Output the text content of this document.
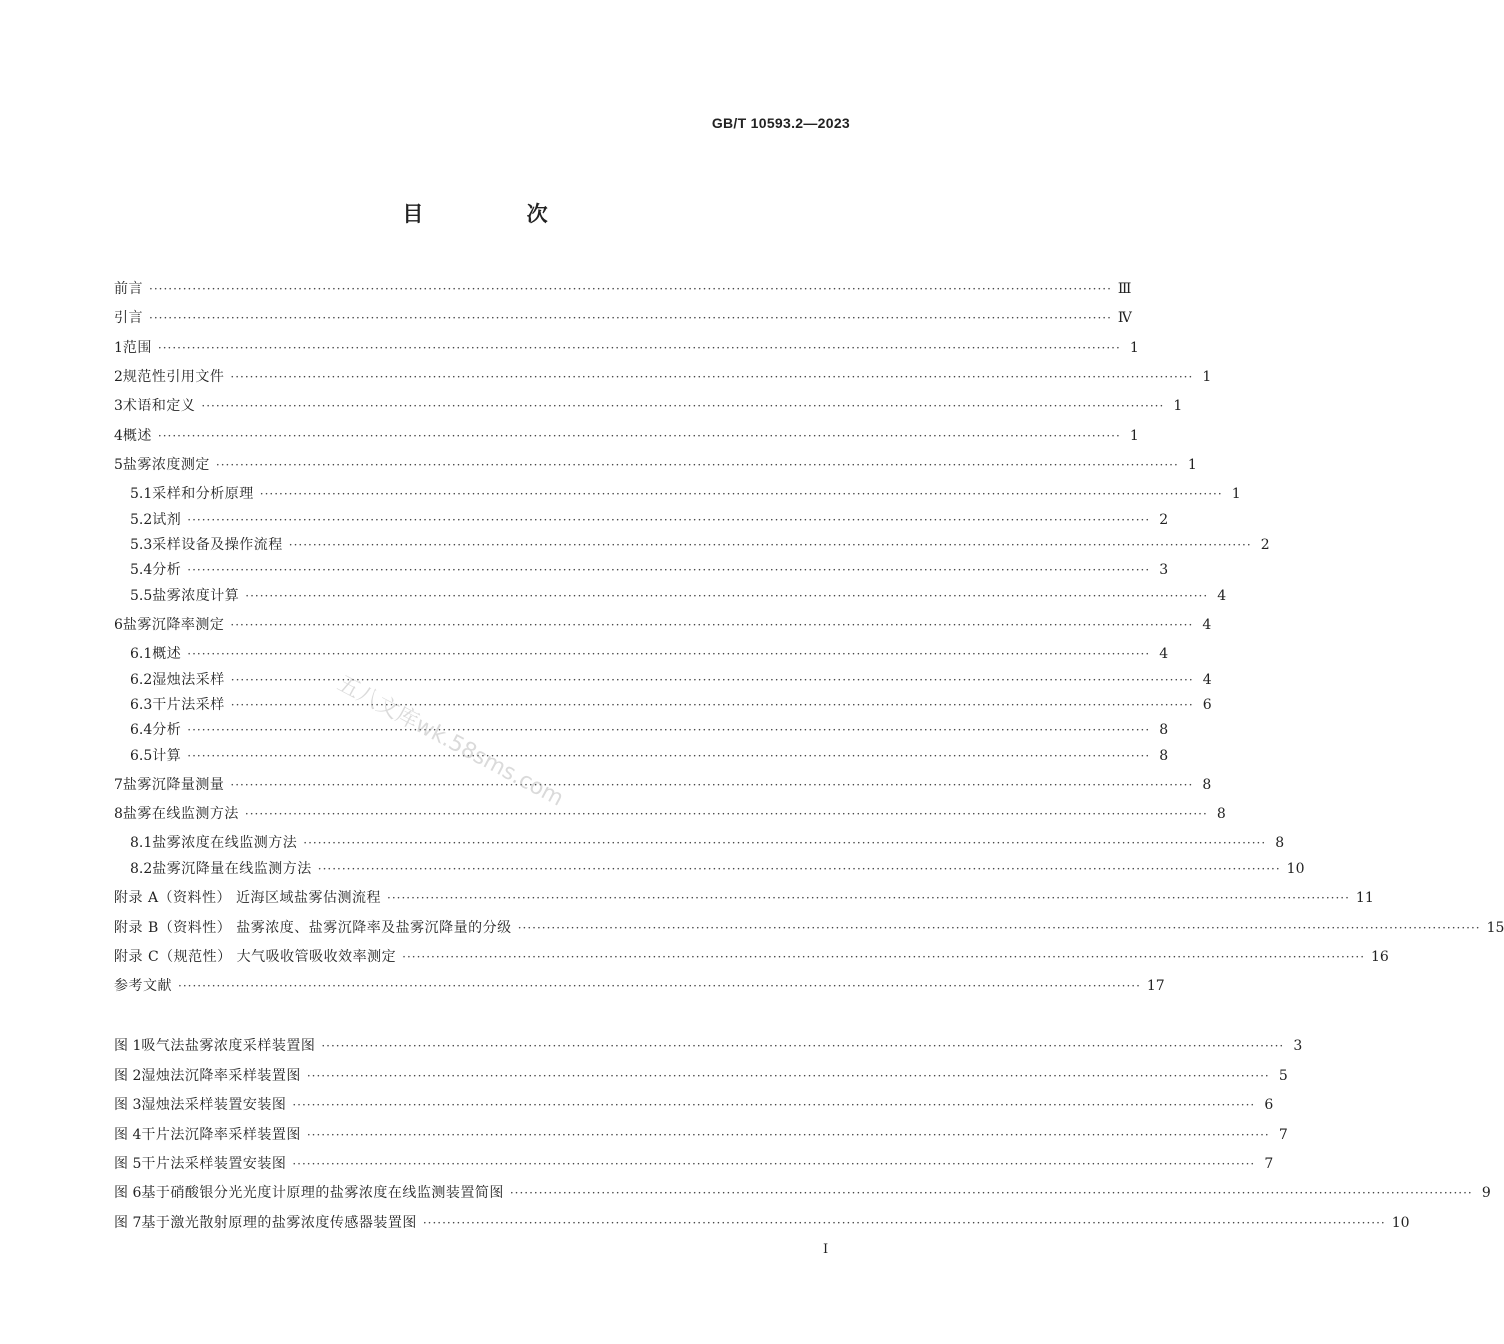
GB/T 10593.2—2023
目 次
前言 ········································································································································································································ Ⅲ
引言 ········································································································································································································ Ⅳ
1 范围 ········································································································································································································ 1
2 规范性引用文件 ········································································································································································································ 1
3 术语和定义 ········································································································································································································ 1
4 概述 ········································································································································································································ 1
5 盐雾浓度测定 ········································································································································································································ 1
5.1 采样和分析原理 ········································································································································································································ 1
5.2 试剂 ········································································································································································································ 2
5.3 采样设备及操作流程 ········································································································································································································ 2
5.4 分析 ········································································································································································································ 3
5.5 盐雾浓度计算 ········································································································································································································ 4
6 盐雾沉降率测定 ········································································································································································································ 4
6.1 概述 ········································································································································································································ 4
6.2 湿烛法采样 ········································································································································································································ 4
6.3 干片法采样 ········································································································································································································ 6
6.4 分析 ········································································································································································································ 8
6.5 计算 ········································································································································································································ 8
7 盐雾沉降量测量 ········································································································································································································ 8
8 盐雾在线监测方法 ········································································································································································································ 8
8.1 盐雾浓度在线监测方法 ········································································································································································································ 8
8.2 盐雾沉降量在线监测方法 ········································································································································································································ 10
附录 A（资料性） 近海区域盐雾估测流程 ········································································································································································································ 11
附录 B（资料性） 盐雾浓度、盐雾沉降率及盐雾沉降量的分级 ········································································································································································································ 15
附录 C（规范性） 大气吸收管吸收效率测定 ········································································································································································································ 16
参考文献 ········································································································································································································ 17
图 1 吸气法盐雾浓度采样装置图 ········································································································································································································ 3
图 2 湿烛法沉降率采样装置图 ········································································································································································································ 5
图 3 湿烛法采样装置安装图 ········································································································································································································ 6
图 4 干片法沉降率采样装置图 ········································································································································································································ 7
图 5 干片法采样装置安装图 ········································································································································································································ 7
图 6 基于硝酸银分光光度计原理的盐雾浓度在线监测装置简图 ········································································································································································································ 9
图 7 基于激光散射原理的盐雾浓度传感器装置图 ········································································································································································································ 10
I
五八文库wk.58sms.com
